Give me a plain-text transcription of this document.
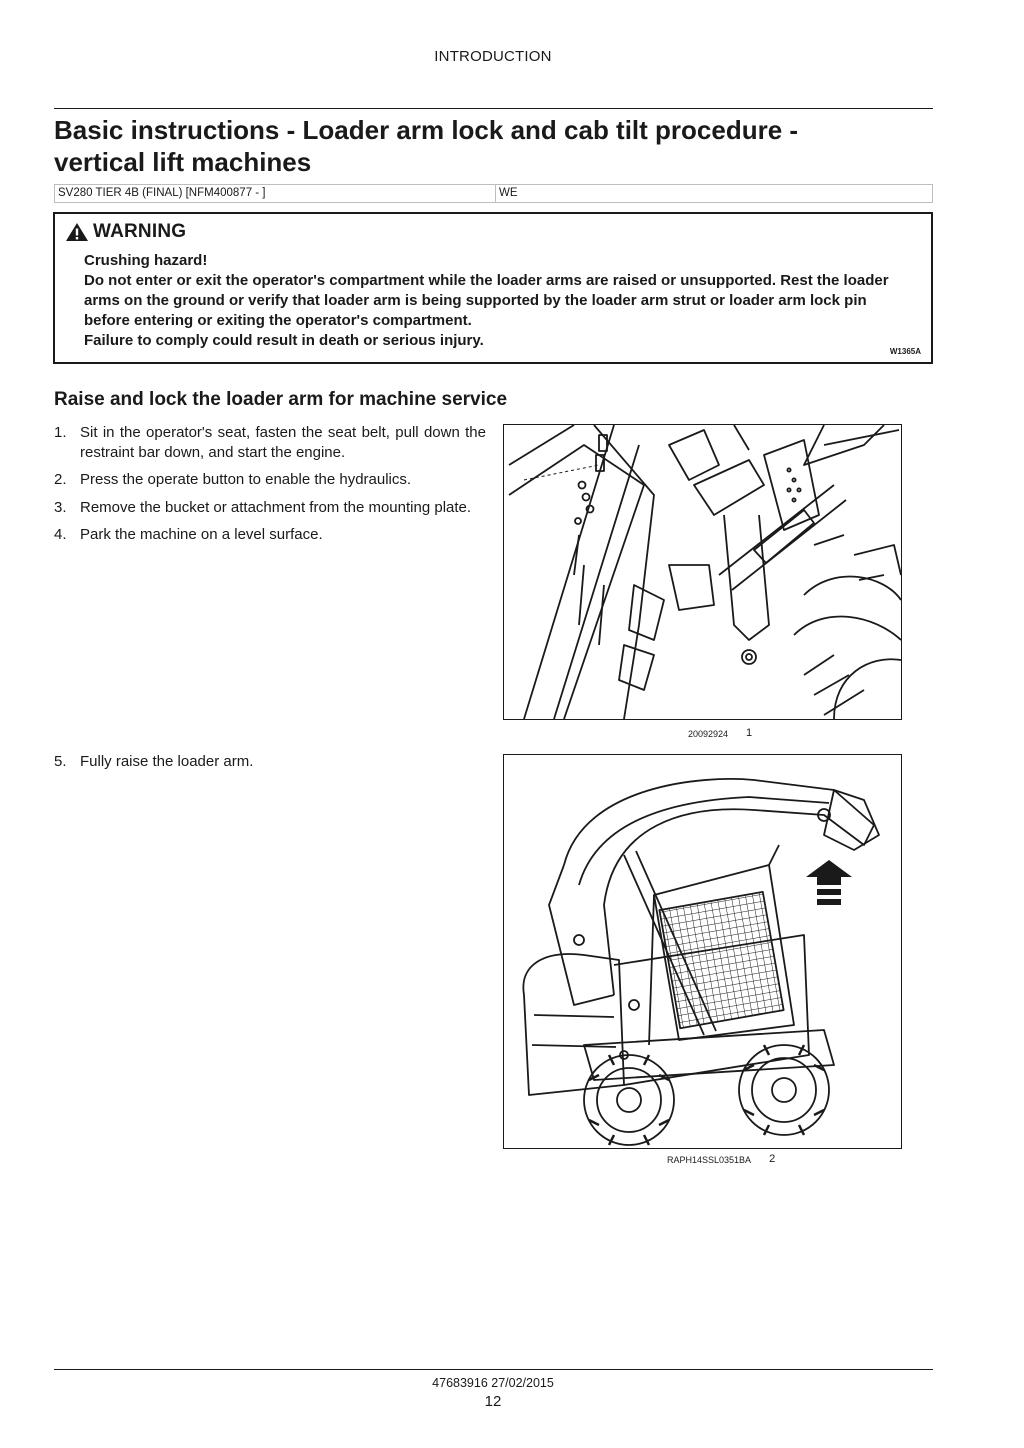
INTRODUCTION
Basic instructions - Loader arm lock and cab tilt procedure -
vertical lift machines
SV280 TIER 4B (FINAL) [NFM400877 - ]	WE
WARNING

Crushing hazard!

Do not enter or exit the operator's compartment while the loader arms are raised or unsupported. Rest the loader arms on the ground or verify that loader arm is being supported by the loader arm strut or loader arm lock pin before entering or exiting the operator's compartment.

Failure to comply could result in death or serious injury.

W1365A
Raise and lock the loader arm for machine service
1. Sit in the operator's seat, fasten the seat belt, pull down the restraint bar down, and start the engine.
2. Press the operate button to enable the hydraulics.
3. Remove the bucket or attachment from the mounting plate.
4. Park the machine on a level surface.
5. Fully raise the loader arm.
20092924 1
RAPH14SSL0351BA 2
47683916 27/02/2015
12
